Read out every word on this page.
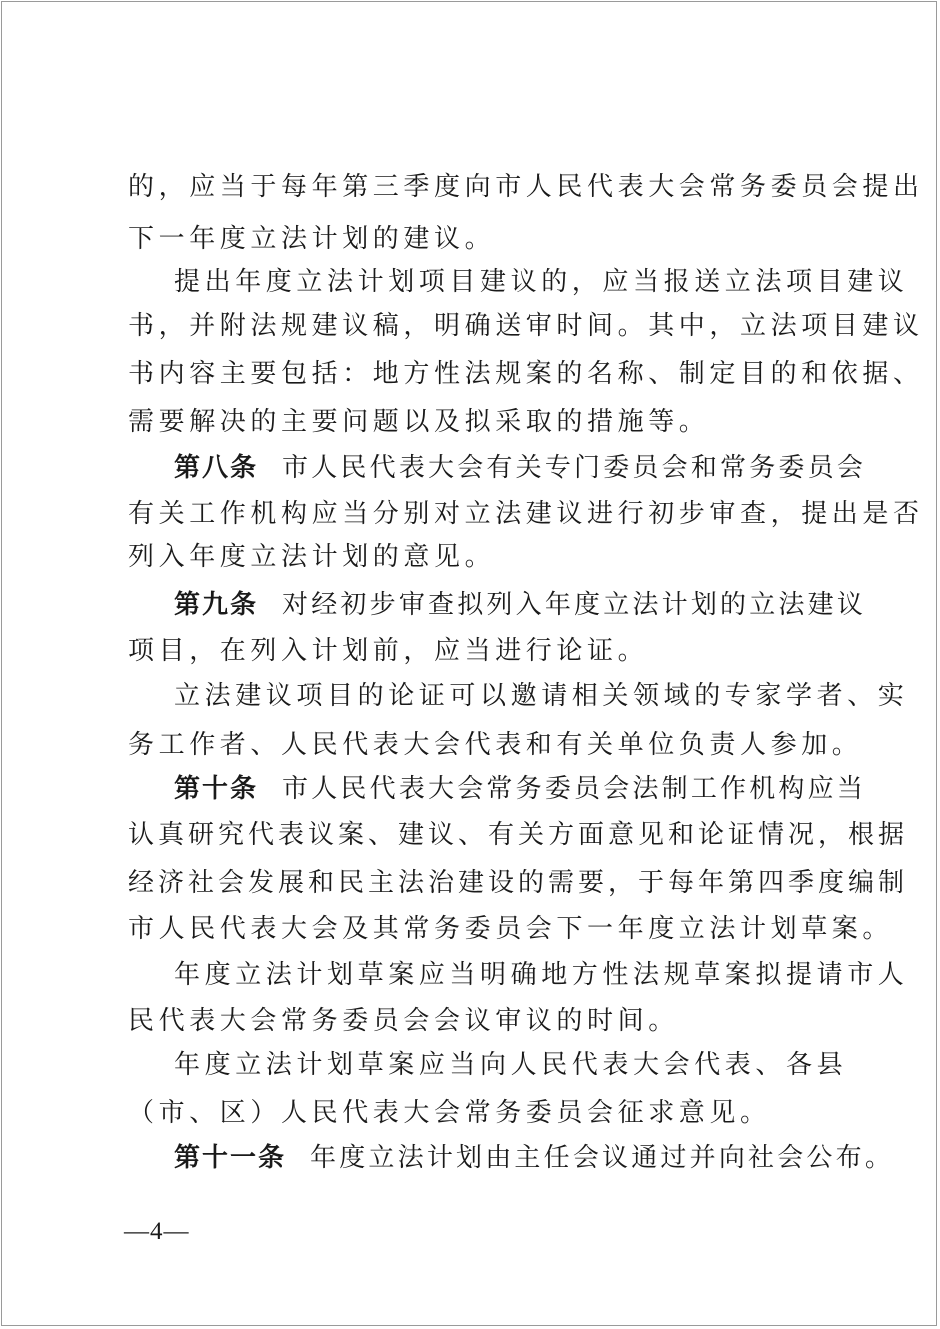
的，应当于每年第三季度向市人民代表大会常务委员会提出
下一年度立法计划的建议。
提出年度立法计划项目建议的，应当报送立法项目建议
书，并附法规建议稿，明确送审时间。其中，立法项目建议
书内容主要包括：地方性法规案的名称、制定目的和依据、
需要解决的主要问题以及拟采取的措施等。
第八条 市人民代表大会有关专门委员会和常务委员会
有关工作机构应当分别对立法建议进行初步审查，提出是否
列入年度立法计划的意见。
第九条 对经初步审查拟列入年度立法计划的立法建议
项目，在列入计划前，应当进行论证。
立法建议项目的论证可以邀请相关领域的专家学者、实
务工作者、人民代表大会代表和有关单位负责人参加。
第十条 市人民代表大会常务委员会法制工作机构应当
认真研究代表议案、建议、有关方面意见和论证情况，根据
经济社会发展和民主法治建设的需要，于每年第四季度编制
市人民代表大会及其常务委员会下一年度立法计划草案。
年度立法计划草案应当明确地方性法规草案拟提请市人
民代表大会常务委员会会议审议的时间。
年度立法计划草案应当向人民代表大会代表、各县
（市、区）人民代表大会常务委员会征求意见。
第十一条 年度立法计划由主任会议通过并向社会公布。
—4—
